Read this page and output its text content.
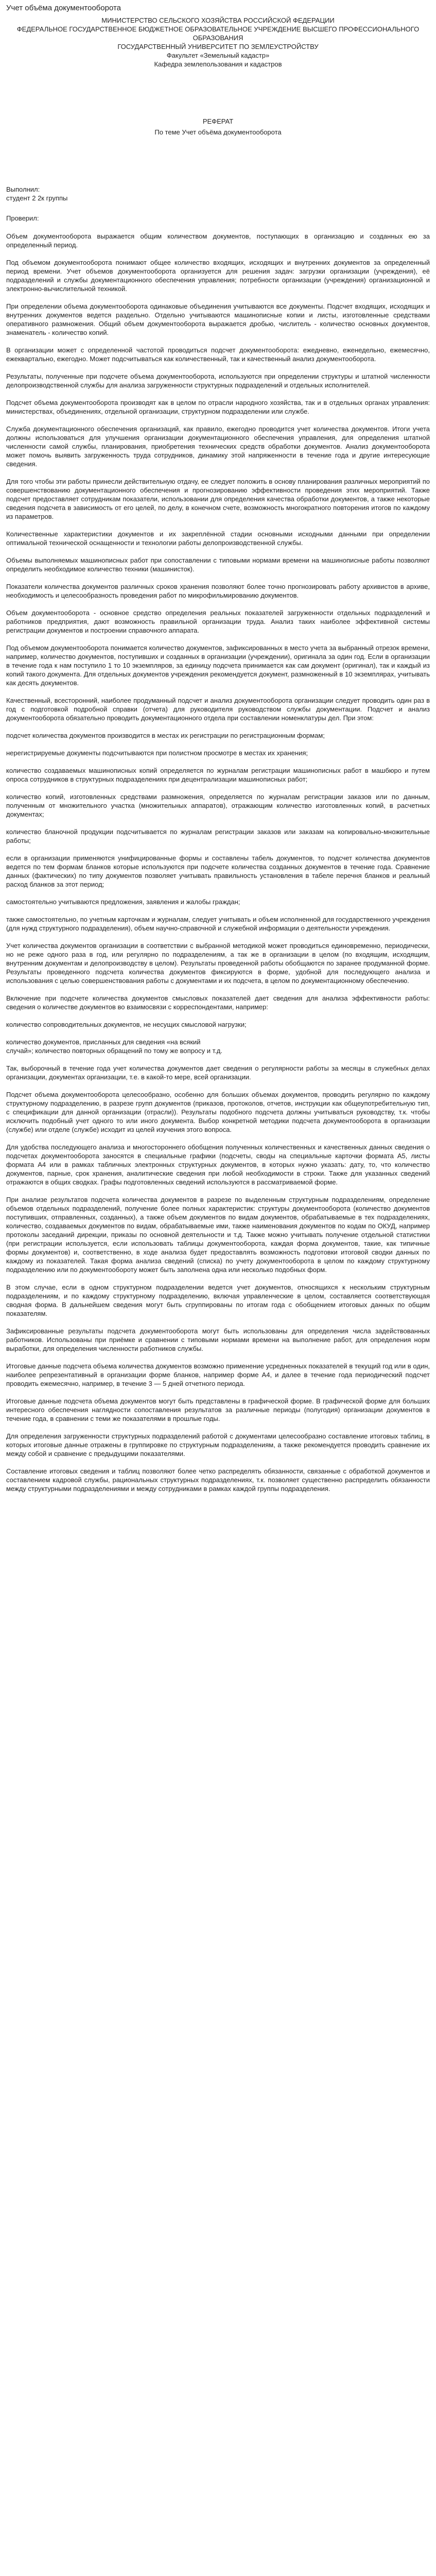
Учет объёма документооборота

МИНИСТЕРСТВО СЕЛЬСКОГО ХОЗЯЙСТВА РОССИЙСКОЙ ФЕДЕРАЦИИ

ФЕДЕРАЛЬНОЕ ГОСУДАРСТВЕННОЕ БЮДЖЕТНОЕ ОБРАЗОВАТЕЛЬНОЕ УЧРЕЖДЕНИЕ ВЫСШЕГО ПРОФЕССИОНАЛЬНОГО ОБРАЗОВАНИЯ

ГОСУДАРСТВЕННЫЙ УНИВЕРСИТЕТ ПО ЗЕМЛЕУСТРОЙСТВУ

Факультет «Земельный кадастр»

Кафедра землепользования и кадастров

РЕФЕРАТ

По теме Учет объёма документооборота

Выполнил:

студент 2 2к группы

Проверил:

Объем документооборота выражается общим количеством документов, поступающих в организацию и созданных ею за определенный период.

Под объемом документооборота понимают общее количество входящих, исходящих и внутренних документов за определенный период времени. Учет объемов документооборота организуется для решения задач: загрузки организации (учреждения), её подразделений и службы документационного обеспечения управления; потребности организации (учреждения) организационной и электронно-вычислительной техникой.

При определении объема документооборота одинаковые объединения учитываются все документы. Подсчет входящих, исходящих и внутренних документов ведется раздельно. Отдельно учитываются машинописные копии и листы, изготовленные средствами оперативного размножения. Общий объем документооборота выражается дробью, числитель - количество основных документов, знаменатель - количество копий.

В организации может с определенной частотой проводиться подсчет документооборота: ежедневно, еженедельно, ежемесячно, ежеквартально, ежегодно. Может подсчитываться как количественный, так и качественный анализ документооборота.

Результаты, полученные при подсчете объема документооборота, используются при определении структуры и штатной численности делопроизводственной службы для анализа загруженности структурных подразделений и отдельных исполнителей.

Подсчет объема документооборота производят как в целом по отрасли народного хозяйства, так и в отдельных органах управления: министерствах, объединениях, отдельной организации, структурном подразделении или службе.

Служба документационного обеспечения организаций, как правило, ежегодно проводится учет количества документов. Итоги учета должны использоваться для улучшения организации документационного обеспечения управления, для определения штатной численности самой службы, планирования, приобретения технических средств обработки документов. Анализ документооборота может помочь выявить загруженность труда сотрудников, динамику этой напряженности в течение года и другие интересующие сведения.

Для того чтобы эти работы принесли действительную отдачу, ее следует положить в основу планирования различных мероприятий по совершенствованию документационного обеспечения и прогнозированию эффективности проведения этих мероприятий. Также подсчет предоставляет сотрудникам показатели, использовании для определения качества обработки документов, а также некоторые сведения подсчета в зависимость от его целей, по делу, в конечном счете, возможность многократного повторения итогов по каждому из параметров.

Количественные характеристики документов и их закреплённой стадии основными исходными данными при определении оптимальной технической оснащенности и технологии работы делопроизводственной службы.

Объемы выполняемых машинописных работ при сопоставлении с типовыми нормами времени на машинописные работы позволяют определить необходимое количество техники (машинисток).

Показатели количества документов различных сроков хранения позволяют более точно прогнозировать работу архивистов в архиве, необходимость и целесообразность проведения работ по микрофильмированию документов.

Объем документооборота - основное средство определения реальных показателей загруженности отдельных подразделений и работников предприятия, дают возможность правильной организации труда. Анализ таких наиболее эффективной системы регистрации документов и построении справочного аппарата.

Под объемом документооборота понимается количество документов, зафиксированных в место учета за выбранный отрезок времени, например, количество документов, поступивших и созданных в организации (учреждении), оригинала за один год. Если в организации в течение года к нам поступило 1 то 10 экземпляров, за единицу подсчета принимается как сам документ (оригинал), так и каждый из копий такого документа. Для отдельных документов учреждения рекомендуется документ, размноженный в 10 экземплярах, учитывать как десять документов.

Качественный, всесторонний, наиболее продуманный подсчет и анализ документооборота организации следует проводить один раз в год с подготовкой подробной справки (отчета) для руководителя руководством службы документации. Подсчет и анализ документооборота обязательно проводить документационного отдела при составлении номенклатуры дел. При этом:

подсчет количества документов производится в местах их регистрации по регистрационным формам;

нерегистрируемые документы подсчитываются при полистном просмотре в местах их хранения;

количество создаваемых машинописных копий определяется по журналам регистрации машинописных работ в машбюро и путем опроса сотрудников в структурных подразделениях при децентрализации машинописных работ;

количество копий, изготовленных средствами размножения, определяется по журналам регистрации заказов или по данным, полученным от множительного участка (множительных аппаратов), отражающим количество изготовленных копий, в расчетных документах;

количество бланочной продукции подсчитывается по журналам регистрации заказов или заказам на копировально-множительные работы;

если в организации применяются унифицированные формы и составлены табель документов, то подсчет количества документов ведется по тем формам бланков которые используются при подсчете количества созданных документов в течение года. Сравнение данных (фактических) по типу документов позволяет учитывать правильность установления в табеле перечня бланков и реальный расход бланков за этот период;

самостоятельно учитываются предложения, заявления и жалобы граждан;

также самостоятельно, по учетным карточкам и журналам, следует учитывать и объем исполненной для государственного учреждения (для нужд структурного подразделения), объем научно-справочной и служебной информации о деятельности учреждения.

Учет количества документов организации в соответствии с выбранной методикой может проводиться единовременно, периодически, но не реже одного раза в год, или регулярно по подразделениям, а так же в организации в целом (по входящим, исходящим, внутренним документам и делопроизводству в целом). Результаты проведенной работы обобщаются по заранее продуманной форме. Результаты проведенного подсчета количества документов фиксируются в форме, удобной для последующего анализа и использования с целью совершенствования работы с документами и их подсчета, в целом по документационному обеспечению.

Включение при подсчете количества документов смысловых показателей дает сведения для анализа эффективности работы: сведения о количестве документов во взаимосвязи с корреспондентами, например:

количество сопроводительных документов, не несущих смысловой нагрузки;

количество документов, присланных для сведения «на всякий

случай»; количество повторных обращений по тому же вопросу и т.д.

Так, выборочный в течение года учет количества документов дает сведения о регулярности работы за месяцы в служебных делах организации, документах организации, т.е. в какой-то мере, всей организации.

Подсчет объема документооборота целесообразно, особенно для больших объемах документов, проводить регулярно по каждому структурному подразделению, в разрезе групп документов (приказов, протоколов, отчетов, инструкции как общеупотребительную тип, с спецификации для данной организации (отрасли)). Результаты подобного подсчета должны учитываться руководству, т.к. чтобы исключить подобный учет одного то или иного документа. Выбор конкретной методики подсчета документооборота в организации (службе) или отделе (службе) исходит из целей изучения этого вопроса.

Для удобства последующего анализа и многостороннего обобщения полученных количественных и качественных данных сведения о подсчетах документооборота заносятся в специальные графики (подсчеты, своды на специальные карточки формата А5, листы формата А4 или в рамках табличных электронных структурных документов, в которых нужно указать: дату, то, что количество документов, парные, срок хранения, аналитические сведения при любой необходимости в строки. Также для указанных сведений отражаются в общих сводках. Графы подготовленных сведений используются в рассматриваемой форме.

При анализе результатов подсчета количества документов в разрезе по выделенным структурным подразделениям, определение объемов отдельных подразделений, получение более полных характеристик: структуры документооборота (количество документов поступивших, отправленных, созданных), а также объем документов по видам документов, обрабатываемые в тех подразделениях, количество, создаваемых документов по видам, обрабатываемые ими, также наименования документов по кодам по ОКУД, например протоколы заседаний дирекции, приказы по основной деятельности и т.д. Также можно учитывать получение отдельной статистики (при регистрации используется, если использовать таблицы документооборота, каждая форма документов, такие, как типичные формы документов) и, соответственно, в ходе анализа будет предоставлять возможность подготовки итоговой сводки данных по каждому из показателей. Такая форма анализа сведений (списка) по учету документооборота в целом по каждому структурному подразделению или по документообороту может быть заполнена одна или несколько подобных форм.

В этом случае, если в одном структурном подразделении ведется учет документов, относящихся к нескольким структурным подразделениям, и по каждому структурному подразделению, включая управленческие в целом, составляется соответствующая сводная форма. В дальнейшем сведения могут быть сгруппированы по итогам года с обобщением итоговых данных по общим показателям.

Зафиксированные результаты подсчета документооборота могут быть использованы для определения числа задействованных работников. Использованы при приёмке и сравнении с типовыми нормами времени на выполнение работ, для определения норм выработки, для определения численности работников службы.

Итоговые данные подсчета объема количества документов возможно применение усредненных показателей в текущий год или в один, наиболее репрезентативный в организации форме бланков, например форме А4, и далее в течение года периодический подсчет проводить ежемесячно, например, в течение 3 — 5 дней отчетного периода.

Итоговые данные подсчета объема документов могут быть представлены в графической форме. В графической форме для больших интересного обеспечения наглядности сопоставления результатов за различные периоды (полугодия) организации документов в течение года, в сравнении с теми же показателями в прошлые годы.

Для определения загруженности структурных подразделений работой с документами целесообразно составление итоговых таблиц, в которых итоговые данные отражены в группировке по структурным подразделениям, а также рекомендуется проводить сравнение их между собой и сравнение с предыдущими показателями.

Составление итоговых сведения и таблиц позволяют более четко распределять обязанности, связанные с обработкой документов и составлением кадровой службы, рациональных структурных подразделениях, т.к. позволяет существенно распределить обязанности между структурными подразделениями и между сотрудниками в рамках каждой группы подразделения.
